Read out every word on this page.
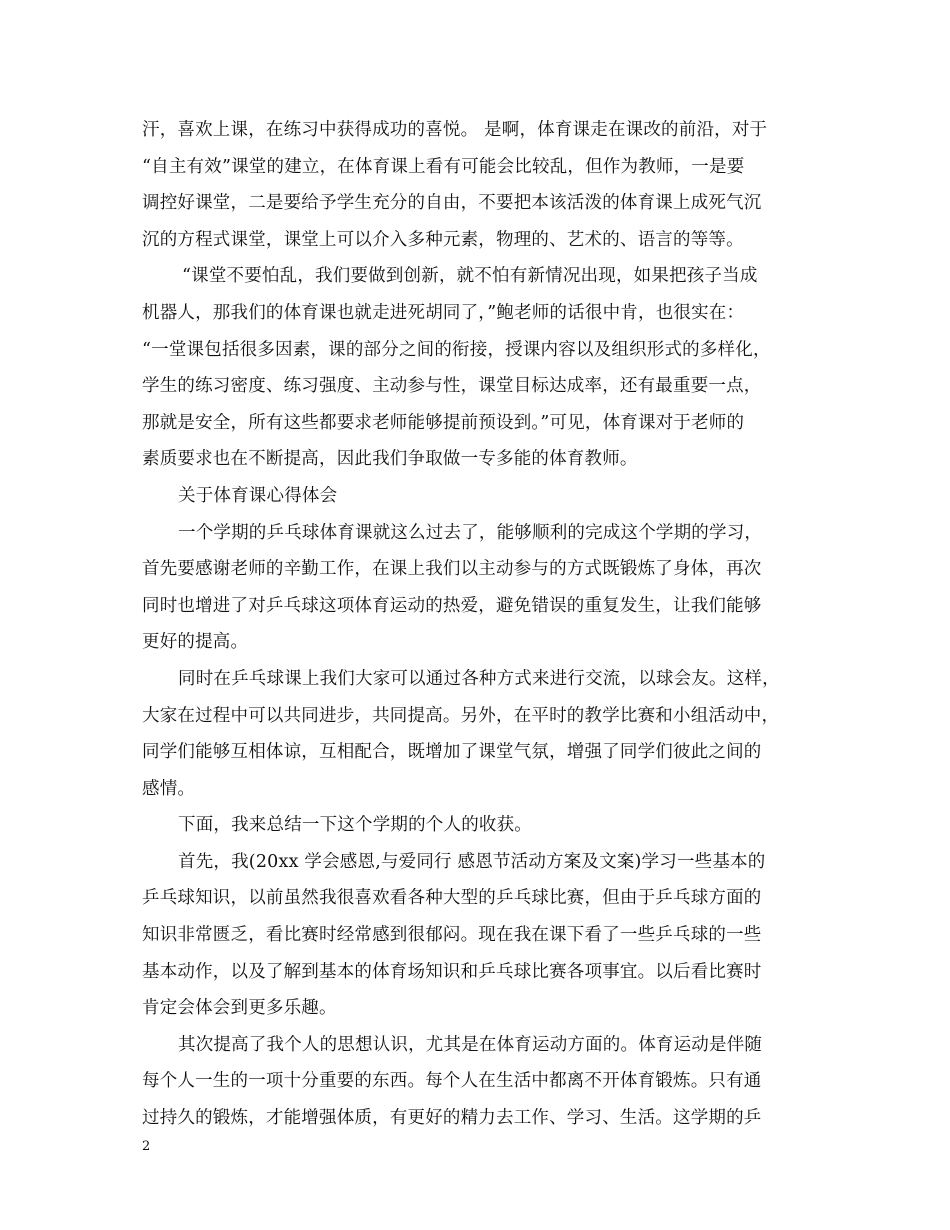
汗，喜欢上课，在练习中获得成功的喜悦。 是啊，体育课走在课改的前沿，对于
“自主有效”课堂的建立，在体育课上看有可能会比较乱，但作为教师，一是要
调控好课堂，二是要给予学生充分的自由，不要把本该活泼的体育课上成死气沉
沉的方程式课堂，课堂上可以介入多种元素，物理的、艺术的、语言的等等。
“课堂不要怕乱，我们要做到创新，就不怕有新情况出现，如果把孩子当成
机器人，那我们的体育课也就走进死胡同了，”鲍老师的话很中肯，也很实在：
“一堂课包括很多因素，课的部分之间的衔接，授课内容以及组织形式的多样化，
学生的练习密度、练习强度、主动参与性，课堂目标达成率，还有最重要一点，
那就是安全，所有这些都要求老师能够提前预设到。”可见，体育课对于老师的
素质要求也在不断提高，因此我们争取做一专多能的体育教师。
关于体育课心得体会
一个学期的乒乓球体育课就这么过去了，能够顺利的完成这个学期的学习，
首先要感谢老师的辛勤工作，在课上我们以主动参与的方式既锻炼了身体，再次
同时也增进了对乒乓球这项体育运动的热爱，避免错误的重复发生，让我们能够
更好的提高。
同时在乒乓球课上我们大家可以通过各种方式来进行交流，以球会友。这样，
大家在过程中可以共同进步，共同提高。另外，在平时的教学比赛和小组活动中，
同学们能够互相体谅，互相配合，既增加了课堂气氛，增强了同学们彼此之间的
感情。
下面，我来总结一下这个学期的个人的收获。
首先，我(20xx 学会感恩,与爱同行 感恩节活动方案及文案)学习一些基本的
乒乓球知识，以前虽然我很喜欢看各种大型的乒乓球比赛，但由于乒乓球方面的
知识非常匮乏，看比赛时经常感到很郁闷。现在我在课下看了一些乒乓球的一些
基本动作，以及了解到基本的体育场知识和乒乓球比赛各项事宜。以后看比赛时
肯定会体会到更多乐趣。
其次提高了我个人的思想认识，尤其是在体育运动方面的。体育运动是伴随
每个人一生的一项十分重要的东西。每个人在生活中都离不开体育锻炼。只有通
过持久的锻炼，才能增强体质，有更好的精力去工作、学习、生活。这学期的乒
2
